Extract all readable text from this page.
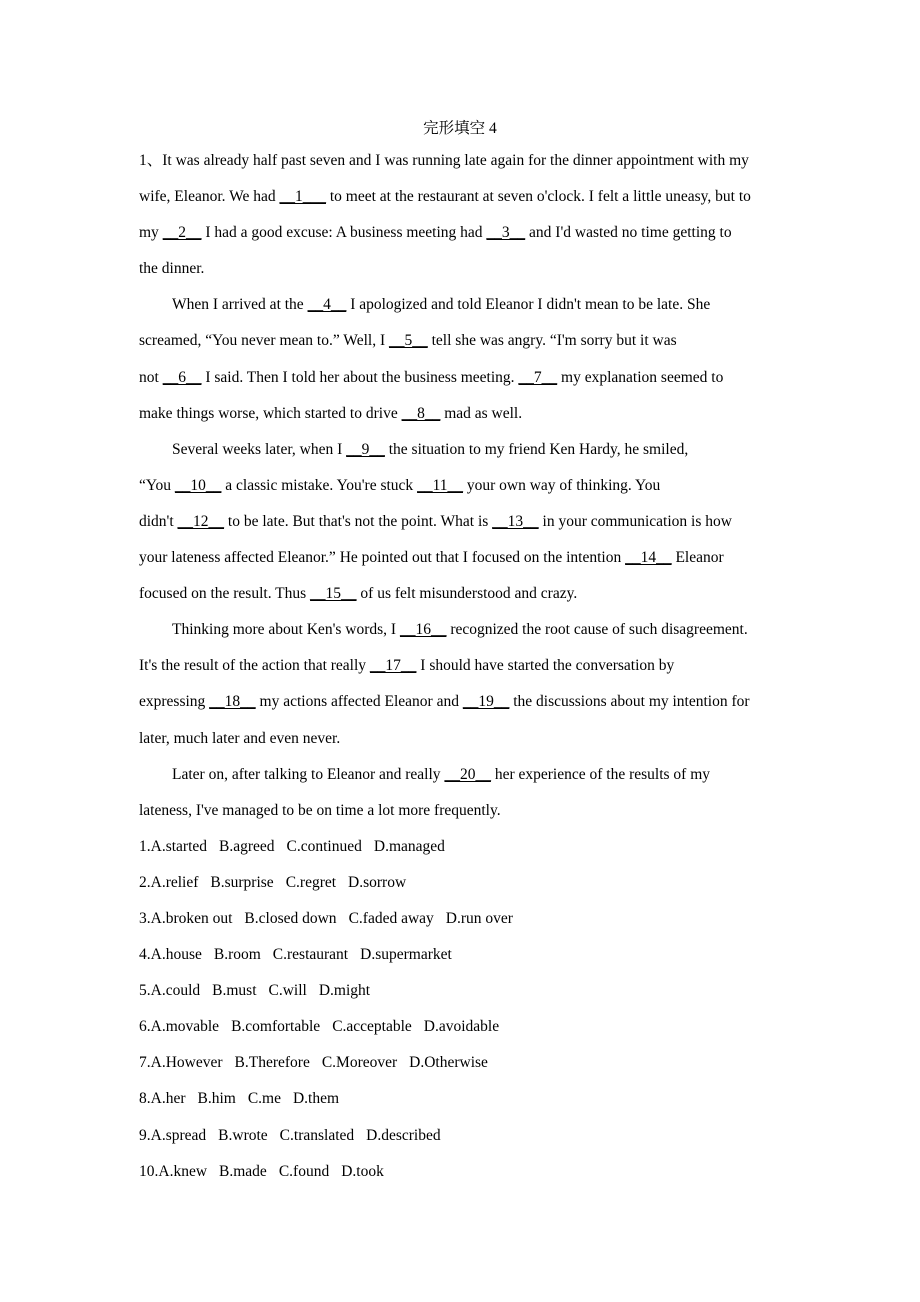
完形填空 4
1、It was already half past seven and I was running late again for the dinner appointment with my
wife, Eleanor. We had __1___ to meet at the restaurant at seven o'clock. I felt a little uneasy, but to
my __2__ I had a good excuse: A business meeting had __3__ and I'd wasted no time getting to
the dinner.
When I arrived at the __4__ I apologized and told Eleanor I didn't mean to be late. She
screamed, “You never mean to.” Well, I __5__ tell she was angry. “I'm sorry but it was
not __6__ I said. Then I told her about the business meeting. __7__ my explanation seemed to
make things worse, which started to drive __8__ mad as well.
Several weeks later, when I __9__ the situation to my friend Ken Hardy, he smiled,
“You __10__ a classic mistake. You're stuck __11__ your own way of thinking. You
didn't __12__ to be late. But that's not the point. What is __13__ in your communication is how
your lateness affected Eleanor.” He pointed out that I focused on the intention __14__ Eleanor
focused on the result. Thus __15__ of us felt misunderstood and crazy.
Thinking more about Ken's words, I __16__ recognized the root cause of such disagreement.
It's the result of the action that really __17__ I should have started the conversation by
expressing __18__ my actions affected Eleanor and __19__ the discussions about my intention for
later, much later and even never.
Later on, after talking to Eleanor and really __20__ her experience of the results of my
lateness, I've managed to be on time a lot more frequently.
1.A.started B.agreed C.continued D.managed
2.A.relief B.surprise C.regret D.sorrow
3.A.broken out B.closed down C.faded away D.run over
4.A.house B.room C.restaurant D.supermarket
5.A.could B.must C.will D.might
6.A.movable B.comfortable C.acceptable D.avoidable
7.A.However B.Therefore C.Moreover D.Otherwise
8.A.her B.him C.me D.them
9.A.spread B.wrote C.translated D.described
10.A.knew B.made C.found D.took
